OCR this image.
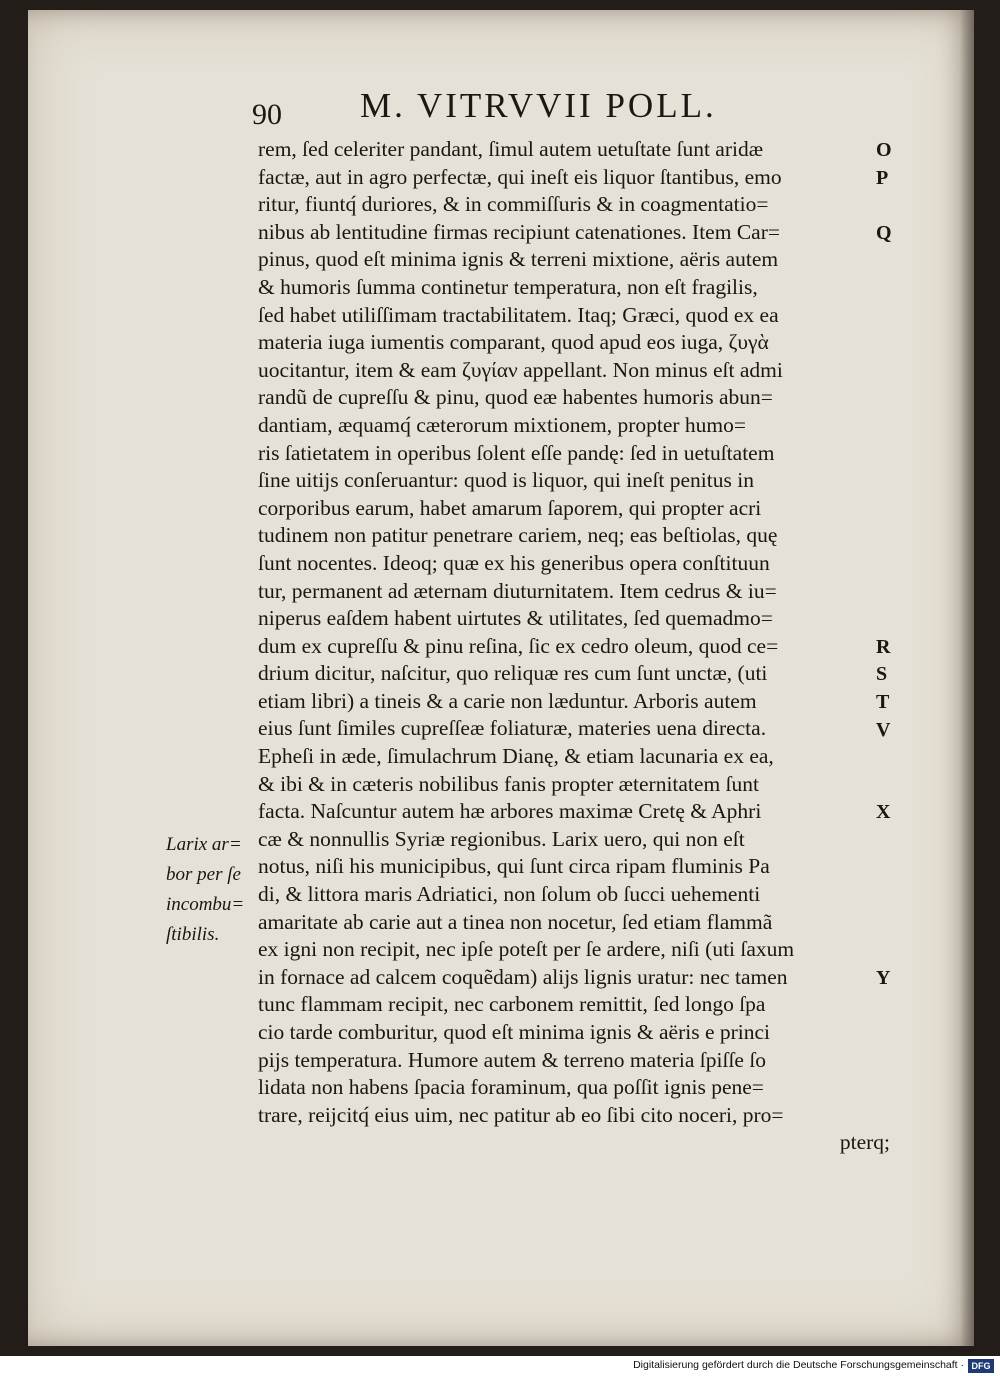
90 M. VITRVVII POLL.
rem, ſed celeriter pandant, ſimul autem uetuſtate ſunt aridæ
factæ, aut in agro perfectæ, qui ineſt eis liquor ſtantibus, emo
ritur, fiuntq́ duriores, & in commiſſuris & in coagmentatio=
nibus ab lentitudine firmas recipiunt catenationes. Item Car=
pinus, quod eſt minima ignis & terreni mixtione, aëris autem
& humoris ſumma continetur temperatura, non eſt fragilis,
ſed habet utiliſſimam tractabilitatem. Itaq; Græci, quod ex ea
materia iuga iumentis comparant, quod apud eos iuga, ζυγὰ
uocitantur, item & eam ζυγίαν appellant. Non minus eſt admi
randũ de cupreſſu & pinu, quod eæ habentes humoris abun=
dantiam, æquamq́ cæterorum mixtionem, propter humo=
ris ſatietatem in operibus ſolent eſſe pandę: ſed in uetuſtatem
ſine uitijs conſeruantur: quod is liquor, qui ineſt penitus in
corporibus earum, habet amarum ſaporem, qui propter acri
tudinem non patitur penetrare cariem, neq; eas beſtiolas, quę
ſunt nocentes. Ideoq; quæ ex his generibus opera conſtituun
tur, permanent ad æternam diuturnitatem. Item cedrus & iu=
niperus eaſdem habent uirtutes & utilitates, ſed quemadmo=
dum ex cupreſſu & pinu reſina, ſic ex cedro oleum, quod ce=
drium dicitur, naſcitur, quo reliquæ res cum ſunt unctæ, (uti
etiam libri) a tineis & a carie non læduntur. Arboris autem
eius ſunt ſimiles cupreſſeæ foliaturæ, materies uena directa.
Epheſi in æde, ſimulachrum Dianę, & etiam lacunaria ex ea,
& ibi & in cæteris nobilibus fanis propter æternitatem ſunt
facta. Naſcuntur autem hæ arbores maximæ Cretę & Aphri
cæ & nonnullis Syriæ regionibus. Larix uero, qui non eſt
notus, niſi his municipibus, qui ſunt circa ripam fluminis Pa
di, & littora maris Adriatici, non ſolum ob ſucci uehementi
amaritate ab carie aut a tinea non nocetur, ſed etiam flammã
ex igni non recipit, nec ipſe poteſt per ſe ardere, niſi (uti ſaxum
in fornace ad calcem coquẽdam) alijs lignis uratur: nec tamen
tunc flammam recipit, nec carbonem remittit, ſed longo ſpa
cio tarde comburitur, quod eſt minima ignis & aëris e princi
pijs temperatura. Humore autem & terreno materia ſpiſſe ſo
lidata non habens ſpacia foraminum, qua poſſit ignis pene=
trare, reijcitq́ eius uim, nec patitur ab eo ſibi cito noceri, pro=
pterq;
O
P
Q
R
S
T
V
X
Y
Larix ar=
bor per ſe
incombu=
ſtibilis.
Digitalisierung gefördert durch die Deutsche Forschungsgemeinschaft · DFG
